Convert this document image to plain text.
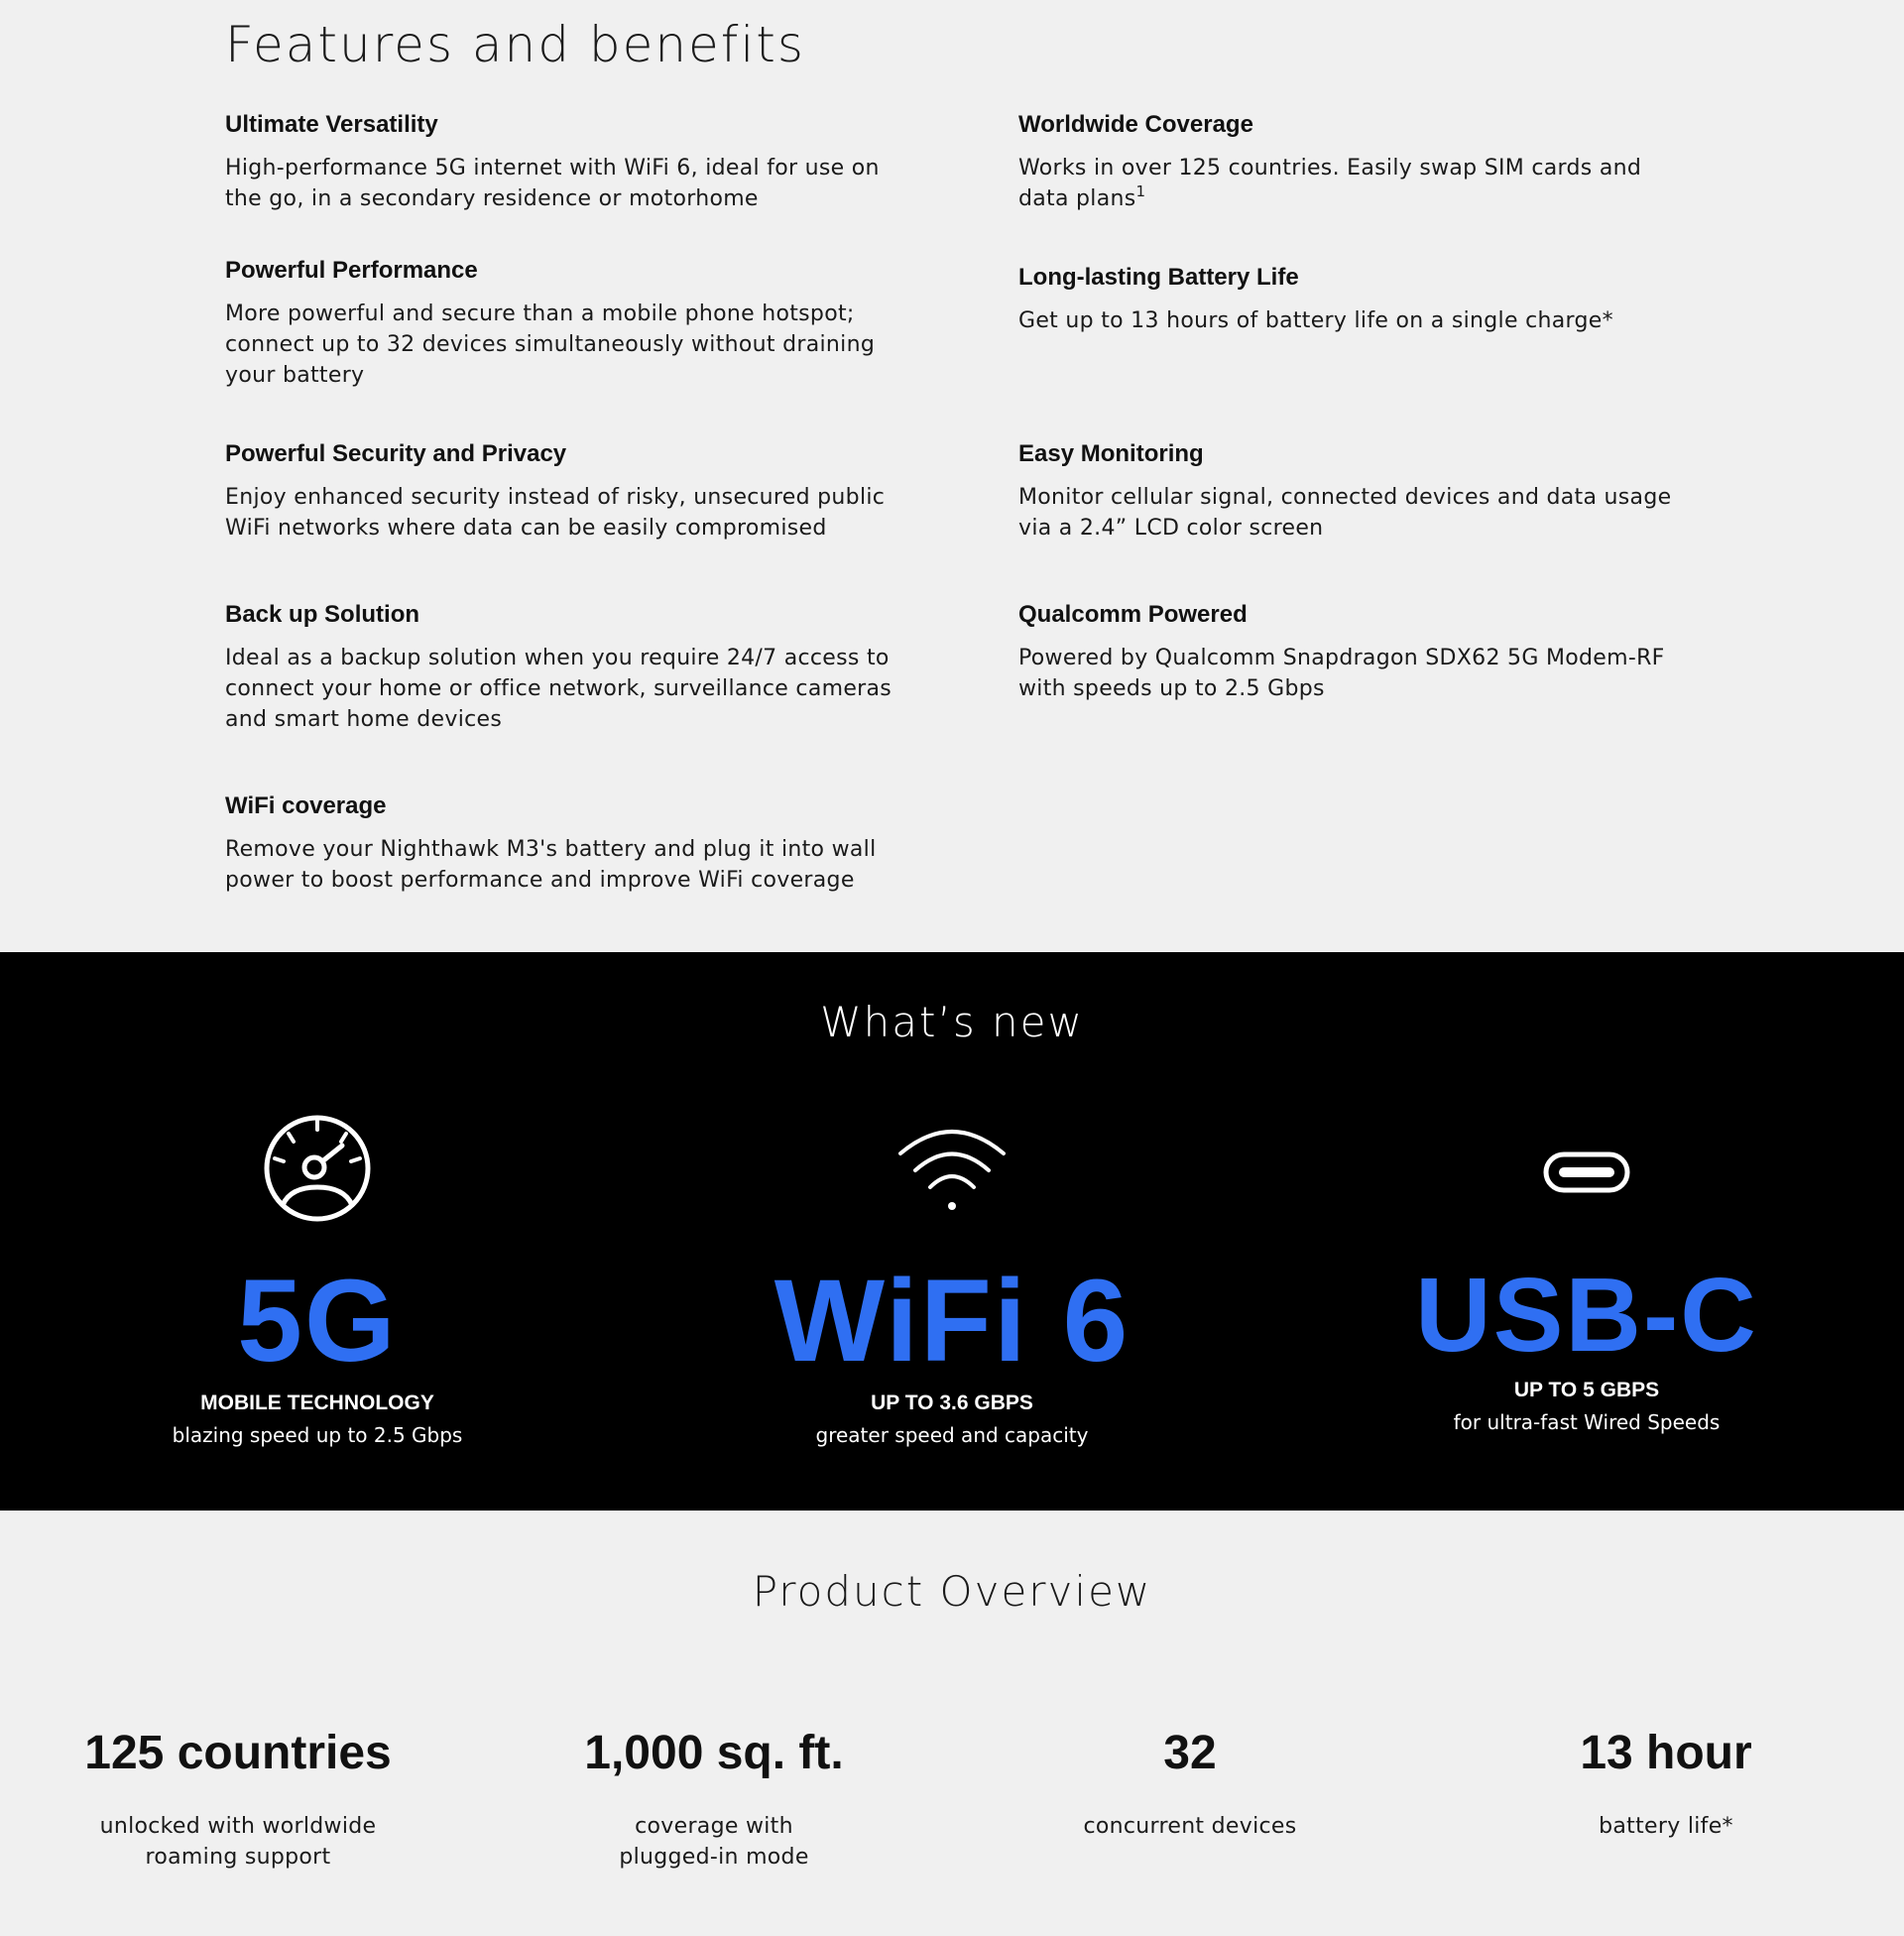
Features and benefits
Ultimate Versatility

High-performance 5G internet with WiFi 6, ideal for use on the go, in a secondary residence or motorhome

Worldwide Coverage

Works in over 125 countries. Easily swap SIM cards and data plans$^1$

Powerful Performance

More powerful and secure than a mobile phone hotspot; connect up to 32 devices simultaneously without draining your battery

Long-lasting Battery Life

Get up to 13 hours of battery life on a single charge*

Powerful Security and Privacy

Enjoy enhanced security instead of risky, unsecured public WiFi networks where data can be easily compromised

Easy Monitoring

Monitor cellular signal, connected devices and data usage via a 2.4” LCD color screen

Back up Solution

Ideal as a backup solution when you require 24/7 access to connect your home or office network, surveillance cameras and smart home devices

Qualcomm Powered

Powered by Qualcomm Snapdragon SDX62 5G Modem-RF with speeds up to 2.5 Gbps

WiFi coverage

Remove your Nighthawk M3's battery and plug it into wall power to boost performance and improve WiFi coverage

What’s new
5G
MOBILE TECHNOLOGY
blazing speed up to 2.5 Gbps
WiFi 6
UP TO 3.6 GBPS
greater speed and capacity
USB-C
UP TO 5 GBPS
for ultra-fast Wired Speeds
Product Overview
125 countries
unlocked with worldwide
roaming support
1,000 sq. ft.
coverage with
plugged-in mode
32
concurrent devices
13 hour
battery life*
